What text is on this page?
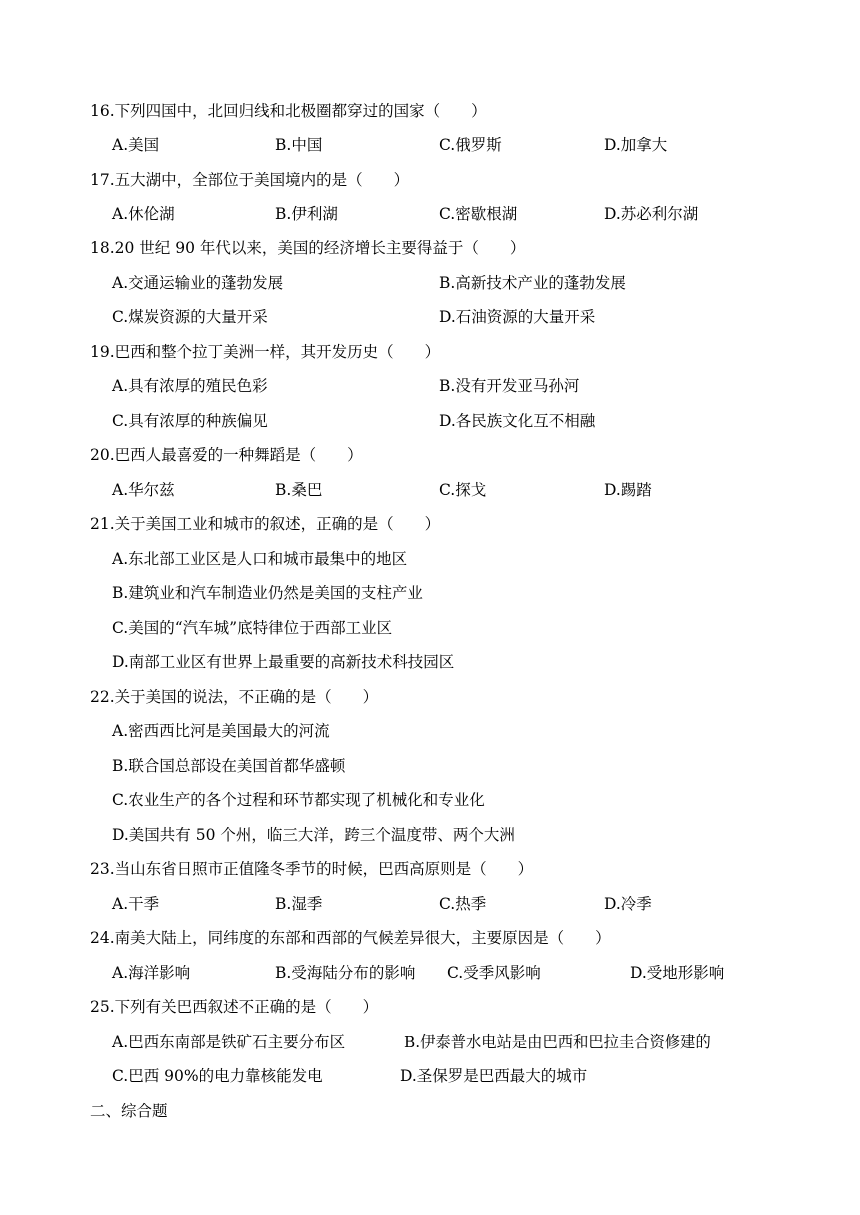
16.下列四国中，北回归线和北极圈都穿过的国家（　　）
A.美国	B.中国	C.俄罗斯	D.加拿大
17.五大湖中，全部位于美国境内的是（　　）
A.休伦湖	B.伊利湖	C.密歇根湖	D.苏必利尔湖
18.20 世纪 90 年代以来，美国的经济增长主要得益于（　　）
A.交通运输业的蓬勃发展	B.高新技术产业的蓬勃发展
C.煤炭资源的大量开采	D.石油资源的大量开采
19.巴西和整个拉丁美洲一样，其开发历史（　　）
A.具有浓厚的殖民色彩	B.没有开发亚马孙河
C.具有浓厚的种族偏见	D.各民族文化互不相融
20.巴西人最喜爱的一种舞蹈是（　　）
A.华尔兹	B.桑巴	C.探戈	D.踢踏
21.关于美国工业和城市的叙述，正确的是（　　）
A.东北部工业区是人口和城市最集中的地区
B.建筑业和汽车制造业仍然是美国的支柱产业
C.美国的“汽车城”底特律位于西部工业区
D.南部工业区有世界上最重要的高新技术科技园区
22.关于美国的说法，不正确的是（　　）
A.密西西比河是美国最大的河流
B.联合国总部设在美国首都华盛顿
C.农业生产的各个过程和环节都实现了机械化和专业化
D.美国共有 50 个州，临三大洋，跨三个温度带、两个大洲
23.当山东省日照市正值隆冬季节的时候，巴西高原则是（　　）
A.干季	B.湿季	C.热季	D.冷季
24.南美大陆上，同纬度的东部和西部的气候差异很大，主要原因是（　　）
A.海洋影响	B.受海陆分布的影响 C.受季风影响	D.受地形影响
25.下列有关巴西叙述不正确的是（　　）
A.巴西东南部是铁矿石主要分布区	B.伊泰普水电站是由巴西和巴拉圭合资修建的
C.巴西 90%的电力靠核能发电	D.圣保罗是巴西最大的城市
二、综合题
